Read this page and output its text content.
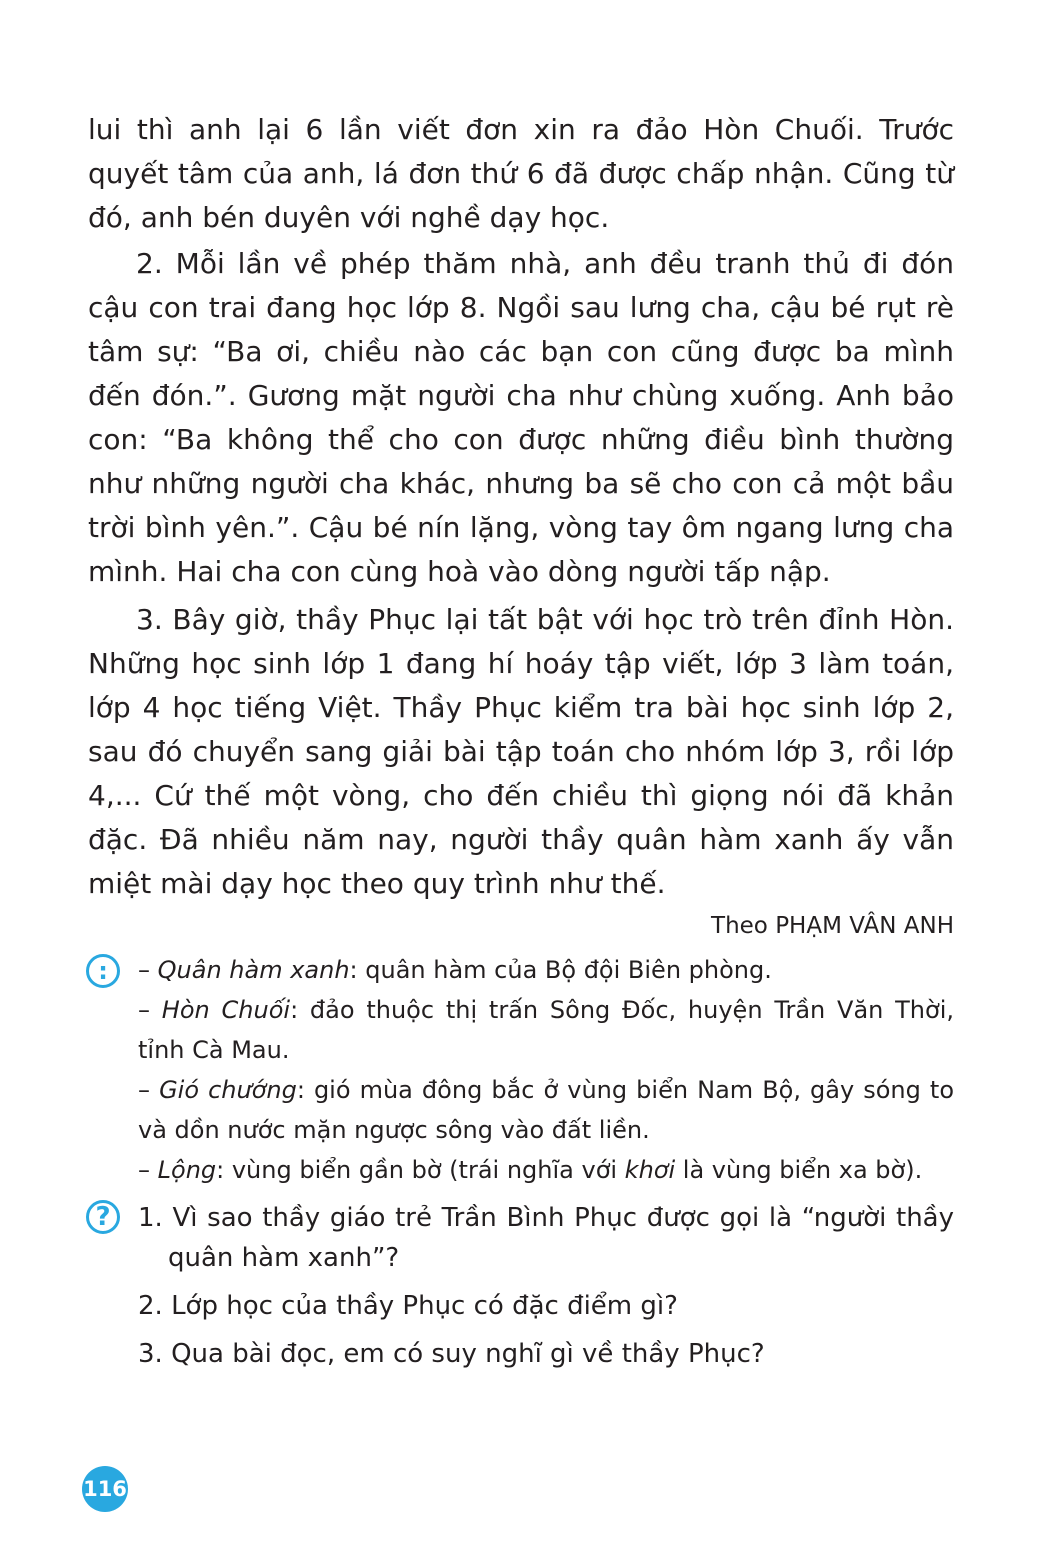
lui thì anh lại 6 lần viết đơn xin ra đảo Hòn Chuối. Trước quyết tâm của anh, lá đơn thứ 6 đã được chấp nhận. Cũng từ đó, anh bén duyên với nghề dạy học.

2. Mỗi lần về phép thăm nhà, anh đều tranh thủ đi đón cậu con trai đang học lớp 8. Ngồi sau lưng cha, cậu bé rụt rè tâm sự: “Ba ơi, chiều nào các bạn con cũng được ba mình đến đón.”. Gương mặt người cha như chùng xuống. Anh bảo con: “Ba không thể cho con được những điều bình thường như những người cha khác, nhưng ba sẽ cho con cả một bầu trời bình yên.”. Cậu bé nín lặng, vòng tay ôm ngang lưng cha mình. Hai cha con cùng hoà vào dòng người tấp nập.

3. Bây giờ, thầy Phục lại tất bật với học trò trên đỉnh Hòn. Những học sinh lớp 1 đang hí hoáy tập viết, lớp 3 làm toán, lớp 4 học tiếng Việt. Thầy Phục kiểm tra bài học sinh lớp 2, sau đó chuyển sang giải bài tập toán cho nhóm lớp 3, rồi lớp 4,... Cứ thế một vòng, cho đến chiều thì giọng nói đã khản đặc. Đã nhiều năm nay, người thầy quân hàm xanh ấy vẫn miệt mài dạy học theo quy trình như thế.

Theo PHẠM VÂN ANH

:	– Quân hàm xanh: quân hàm của Bộ đội Biên phòng.

– Hòn Chuối: đảo thuộc thị trấn Sông Đốc, huyện Trần Văn Thời, tỉnh Cà Mau.

– Gió chướng: gió mùa đông bắc ở vùng biển Nam Bộ, gây sóng to và dồn nước mặn ngược sông vào đất liền.

– Lộng: vùng biển gần bờ (trái nghĩa với khơi là vùng biển xa bờ).

?	1. Vì sao thầy giáo trẻ Trần Bình Phục được gọi là “người thầy quân hàm xanh”?

2. Lớp học của thầy Phục có đặc điểm gì?

3. Qua bài đọc, em có suy nghĩ gì về thầy Phục?

116
